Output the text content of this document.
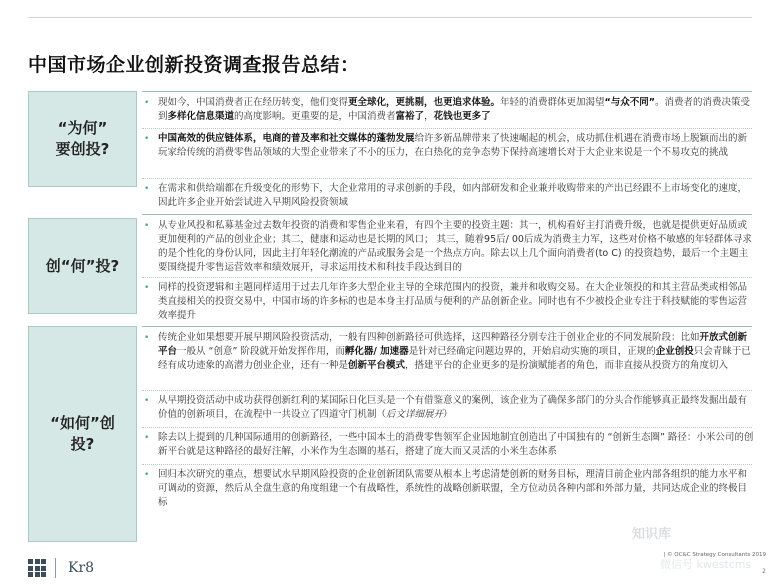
中国市场企业创新投资调查报告总结：
“为何”
要创投?
• 现如今，中国消费者正在经历转变，他们变得更全球化，更挑剔，也更追求体验。年轻的消费群体更加渴望“与众不同”。消费者的消费决策受到多样化信息渠道的高度影响。更重要的是，中国消费者富裕了，花钱也更多了
• 中国高效的供应链体系，电商的普及率和社交媒体的蓬勃发展给许多新品牌带来了快速崛起的机会，成功抓住机遇在消费市场上脱颖而出的新玩家给传统的消费零售品领域的大型企业带来了不小的压力，在白热化的竞争态势下保持高速增长对于大企业来说是一个不易攻克的挑战
• 在需求和供给端都在升级变化的形势下，大企业常用的寻求创新的手段，如内部研发和企业兼并收购带来的产出已经跟不上市场变化的速度，因此许多企业开始尝试进入早期风险投资领域
创“何”投?
• 从专业风投和私募基金过去数年投资的消费和零售企业来看，有四个主要的投资主题：其一，机构看好主打消费升级，也就是提供更好品质或更加便利的产品的创业企业；其二，健康和运动也是长期的风口； 其三，随着95后/ 00后成为消费主力军，这些对价格不敏感的年轻群体寻求的是个性化的身份认同，因此主打年轻化潮流的产品或服务会是一个热点方向。除去以上几个面向消费者(to C) 的投资趋势，最后一个主题主要围绕提升零售运营效率和绩效展开，寻求运用技术和科技手段达到目的
• 同样的投资逻辑和主题同样适用于过去几年许多大型企业主导的全球范围内的投资，兼并和收购交易。在大企业领投的和其主营品类或相邻品类直接相关的投资交易中，中国市场的许多标的也是本身主打品质与便利的产品创新企业。同时也有不少被投企业专注于科技赋能的零售运营效率提升
“如何”创
投?
• 传统企业如果想要开展早期风险投资活动，一般有四种创新路径可供选择，这四种路径分别专注于创业企业的不同发展阶段：比如开放式创新平台一般从 “创意” 阶段就开始发挥作用，而孵化器/ 加速器是针对已经确定问题边界的，开始启动实施的项目，正规的企业创投只会青睐于已经有成功迹象的高潜力创业企业，还有一种是创新平台模式，搭建平台的企业更多的是扮演赋能者的角色，而非直接从投资方的角度切入
• 从早期投资活动中成功获得创新红利的某国际日化巨头是一个有借鉴意义的案例，该企业为了确保多部门的分头合作能够真正最终发掘出最有价值的创新项目，在流程中一共设立了四道守门机制（后文详细展开）
• 除去以上提到的几种国际通用的创新路径，一些中国本土的消费零售领军企业因地制宜创造出了中国独有的 “创新生态圈” 路径：小米公司的创新平台就是这种路径的最好注解，小米作为生态圈的基石，搭建了庞大而又灵活的小米生态体系
• 回归本次研究的重点，想要试水早期风险投资的企业创新团队需要从根本上考虑清楚创新的财务目标，理清目前企业内部各组织的能力水平和可调动的资源，然后从全盘生意的角度组建一个有战略性，系统性的战略创新联盟，全方位动员各种内部和外部力量，共同达成企业的终极目标
Kr8
知识库
微信号 kwestcms
| © OC&C Strategy Consultants 2019
2
